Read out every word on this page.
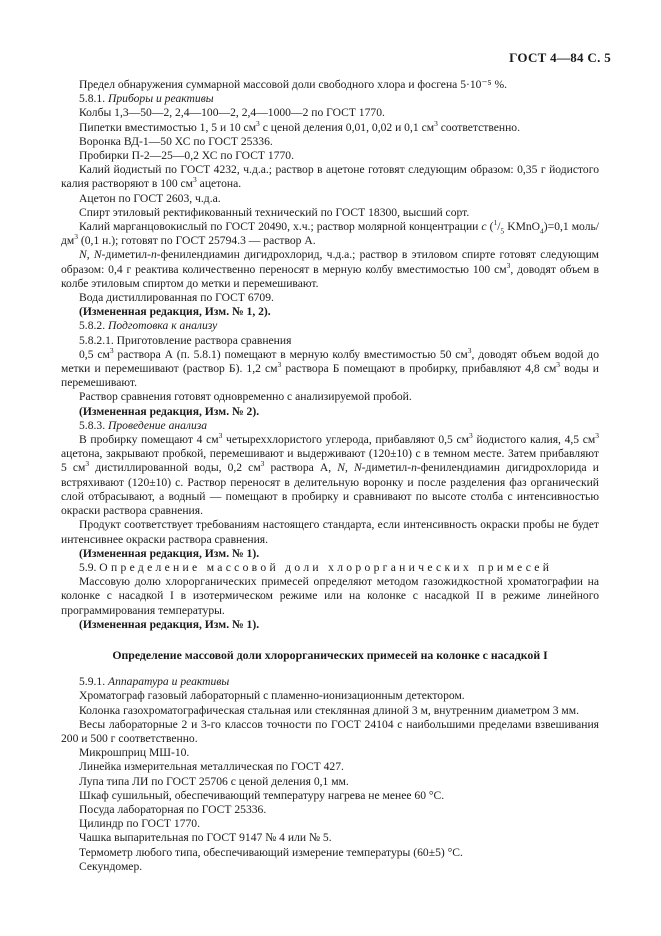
ГОСТ 4—84 С. 5

Предел обнаружения суммарной массовой доли свободного хлора и фосгена 5·10⁻⁵ %.

5.8.1. Приборы и реактивы

Колбы 1,3—50—2, 2,4—100—2, 2,4—1000—2 по ГОСТ 1770.

Пипетки вместимостью 1, 5 и 10 $см^3$ с ценой деления 0,01, 0,02 и 0,1 $см^3$ соответственно.

Воронка ВД-1—50 ХС по ГОСТ 25336.

Пробирки П-2—25—0,2 ХС по ГОСТ 1770.

Калий йодистый по ГОСТ 4232, ч.д.а.; раствор в ацетоне готовят следующим образом: 0,35 г йодистого калия растворяют в 100 $см^3$ ацетона.

Ацетон по ГОСТ 2603, ч.д.а.

Спирт этиловый ректификованный технический по ГОСТ 18300, высший сорт.

Калий марганцовокислый по ГОСТ 20490, х.ч.; раствор молярной концентрации c ($^1/_5$ KMnO$_4$)=0,1 моль/$дм^3$ (0,1 н.); готовят по ГОСТ 25794.3 — раствор А.

N, N-диметил-n-фенилендиамин дигидрохлорид, ч.д.а.; раствор в этиловом спирте готовят следующим образом: 0,4 г реактива количественно переносят в мерную колбу вместимостью 100 $см^3$, доводят объем в колбе этиловым спиртом до метки и перемешивают.

Вода дистиллированная по ГОСТ 6709.

(Измененная редакция, Изм. № 1, 2).

5.8.2. Подготовка к анализу

5.8.2.1. Приготовление раствора сравнения

0,5 $см^3$ раствора А (п. 5.8.1) помещают в мерную колбу вместимостью 50 $см^3$, доводят объем водой до метки и перемешивают (раствор Б). 1,2 $см^3$ раствора Б помещают в пробирку, прибавляют 4,8 $см^3$ воды и перемешивают.

Раствор сравнения готовят одновременно с анализируемой пробой.

(Измененная редакция, Изм. № 2).

5.8.3. Проведение анализа

В пробирку помещают 4 $см^3$ четыреххлористого углерода, прибавляют 0,5 $см^3$ йодистого калия, 4,5 $см^3$ ацетона, закрывают пробкой, перемешивают и выдерживают (120±10) с в темном месте. Затем прибавляют 5 $см^3$ дистиллированной воды, 0,2 $см^3$ раствора А, N, N-диметил-n-фенилендиамин дигидрохлорида и встряхивают (120±10) с. Раствор переносят в делительную воронку и после разделения фаз органический слой отбрасывают, а водный — помещают в пробирку и сравнивают по высоте столба с интенсивностью окраски раствора сравнения.

Продукт соответствует требованиям настоящего стандарта, если интенсивность окраски пробы не будет интенсивнее окраски раствора сравнения.

(Измененная редакция, Изм. № 1).

5.9. Определение массовой доли хлорорганических примесей

Массовую долю хлорорганических примесей определяют методом газожидкостной хроматографии на колонке с насадкой I в изотермическом режиме или на колонке с насадкой II в режиме линейного программирования температуры.

(Измененная редакция, Изм. № 1).

Определение массовой доли хлорорганических примесей на колонке с насадкой I

5.9.1. Аппаратура и реактивы

Хроматограф газовый лабораторный с пламенно-ионизационным детектором.

Колонка газохроматографическая стальная или стеклянная длиной 3 м, внутренним диаметром 3 мм.

Весы лабораторные 2 и 3-го классов точности по ГОСТ 24104 с наибольшими пределами взвешивания 200 и 500 г соответственно.

Микрошприц МШ-10.

Линейка измерительная металлическая по ГОСТ 427.

Лупа типа ЛИ по ГОСТ 25706 с ценой деления 0,1 мм.

Шкаф сушильный, обеспечивающий температуру нагрева не менее 60 °С.

Посуда лабораторная по ГОСТ 25336.

Цилиндр по ГОСТ 1770.

Чашка выпарительная по ГОСТ 9147 № 4 или № 5.

Термометр любого типа, обеспечивающий измерение температуры (60±5) °С.

Секундомер.
